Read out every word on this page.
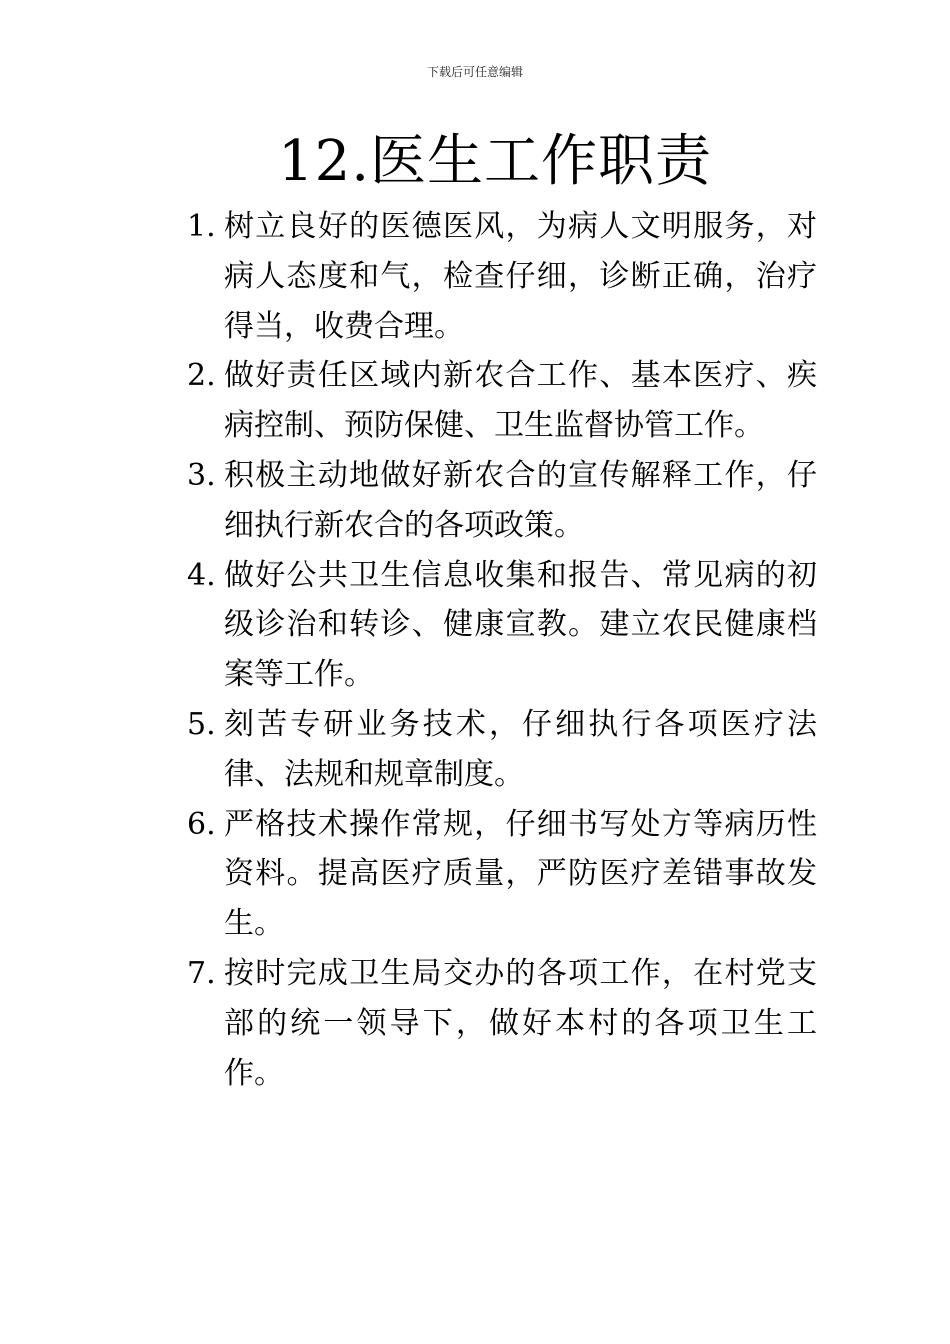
下载后可任意编辑
12.医生工作职责
1. 树立良好的医德医风，为病人文明服务，对病人态度和气，检查仔细，诊断正确，治疗得当，收费合理。
2. 做好责任区域内新农合工作、基本医疗、疾病控制、预防保健、卫生监督协管工作。
3. 积极主动地做好新农合的宣传解释工作，仔细执行新农合的各项政策。
4. 做好公共卫生信息收集和报告、常见病的初级诊治和转诊、健康宣教。建立农民健康档案等工作。
5. 刻苦专研业务技术，仔细执行各项医疗法律、法规和规章制度。
6. 严格技术操作常规，仔细书写处方等病历性资料。提高医疗质量，严防医疗差错事故发生。
7. 按时完成卫生局交办的各项工作，在村党支部的统一领导下，做好本村的各项卫生工作。
